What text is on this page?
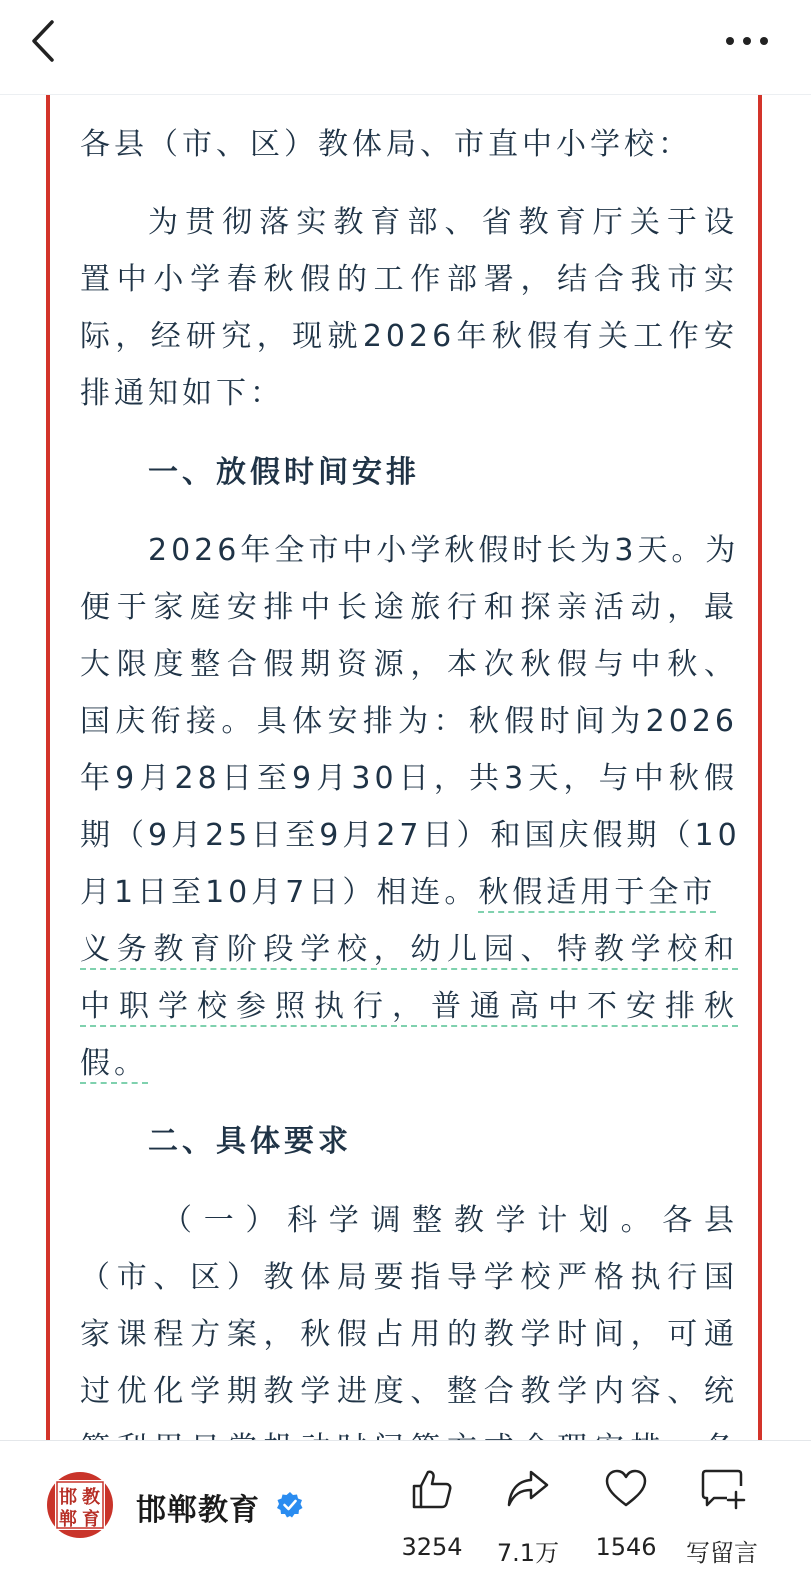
各县（市、区）教体局、市直中小学校：
为贯彻落实教育部、省教育厅关于设
置中小学春秋假的工作部署，结合我市实
际，经研究，现就2026年秋假有关工作安
排通知如下：
一、放假时间安排
2026年全市中小学秋假时长为3天。为
便于家庭安排中长途旅行和探亲活动，最
大限度整合假期资源，本次秋假与中秋、
国庆衔接。具体安排为：秋假时间为2026
年9月28日至9月30日，共3天，与中秋假
期（9月25日至9月27日）和国庆假期（10
月1日至10月7日）相连。秋假适用于全市
义务教育阶段学校，幼儿园、特教学校和
中职学校参照执行，普通高中不安排秋
假。
二、具体要求
（一）科学调整教学计划。各县
（市、区）教体局要指导学校严格执行国
家课程方案，秋假占用的教学时间，可通
过优化学期教学进度、整合教学内容、统
邯 教
郸 育 邯郸教育
3254	7.1万	1546	写留言
